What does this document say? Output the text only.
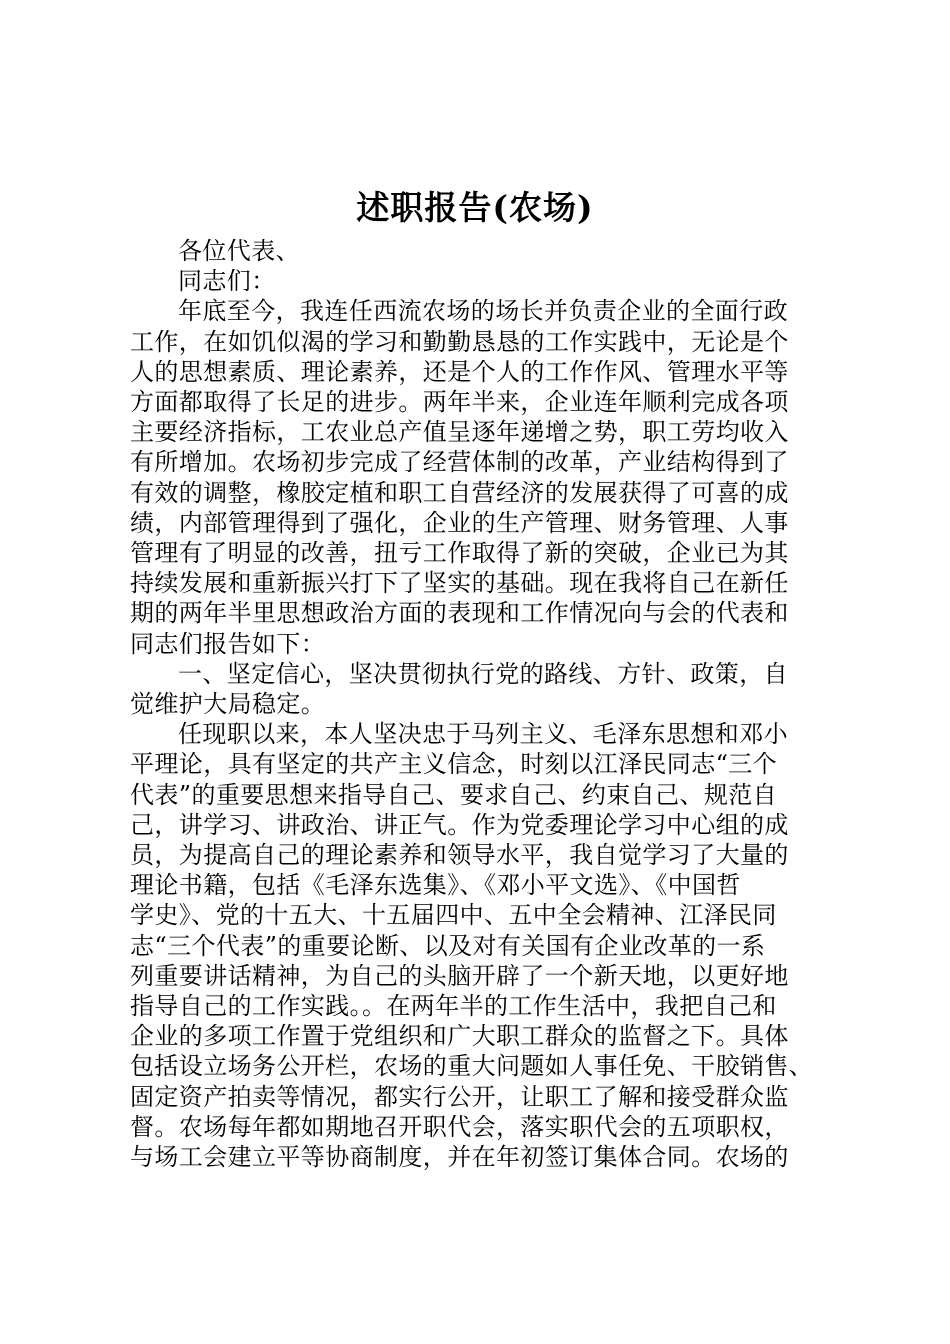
述职报告(农场)

各位代表、

同志们：

年底至今，我连任西流农场的场长并负责企业的全面行政
工作，在如饥似渴的学习和勤勤恳恳的工作实践中，无论是个
人的思想素质、理论素养，还是个人的工作作风、管理水平等
方面都取得了长足的进步。两年半来，企业连年顺利完成各项
主要经济指标，工农业总产值呈逐年递增之势，职工劳均收入
有所增加。农场初步完成了经营体制的改革，产业结构得到了
有效的调整，橡胶定植和职工自营经济的发展获得了可喜的成
绩，内部管理得到了强化，企业的生产管理、财务管理、人事
管理有了明显的改善，扭亏工作取得了新的突破，企业已为其
持续发展和重新振兴打下了坚实的基础。现在我将自己在新任
期的两年半里思想政治方面的表现和工作情况向与会的代表和
同志们报告如下：

一、坚定信心，坚决贯彻执行党的路线、方针、政策，自
觉维护大局稳定。

任现职以来，本人坚决忠于马列主义、毛泽东思想和邓小
平理论，具有坚定的共产主义信念，时刻以江泽民同志“三个
代表”的重要思想来指导自己、要求自己、约束自己、规范自
己，讲学习、讲政治、讲正气。作为党委理论学习中心组的成
员，为提高自己的理论素养和领导水平，我自觉学习了大量的
理论书籍，包括《毛泽东选集》、《邓小平文选》、《中国哲
学史》、党的十五大、十五届四中、五中全会精神、江泽民同
志“三个代表”的重要论断、以及对有关国有企业改革的一系
列重要讲话精神，为自己的头脑开辟了一个新天地，以更好地
指导自己的工作实践。。在两年半的工作生活中，我把自己和
企业的多项工作置于党组织和广大职工群众的监督之下。具体
包括设立场务公开栏，农场的重大问题如人事任免、干胶销售、
固定资产拍卖等情况，都实行公开，让职工了解和接受群众监
督。农场每年都如期地召开职代会，落实职代会的五项职权，
与场工会建立平等协商制度，并在年初签订集体合同。农场的
